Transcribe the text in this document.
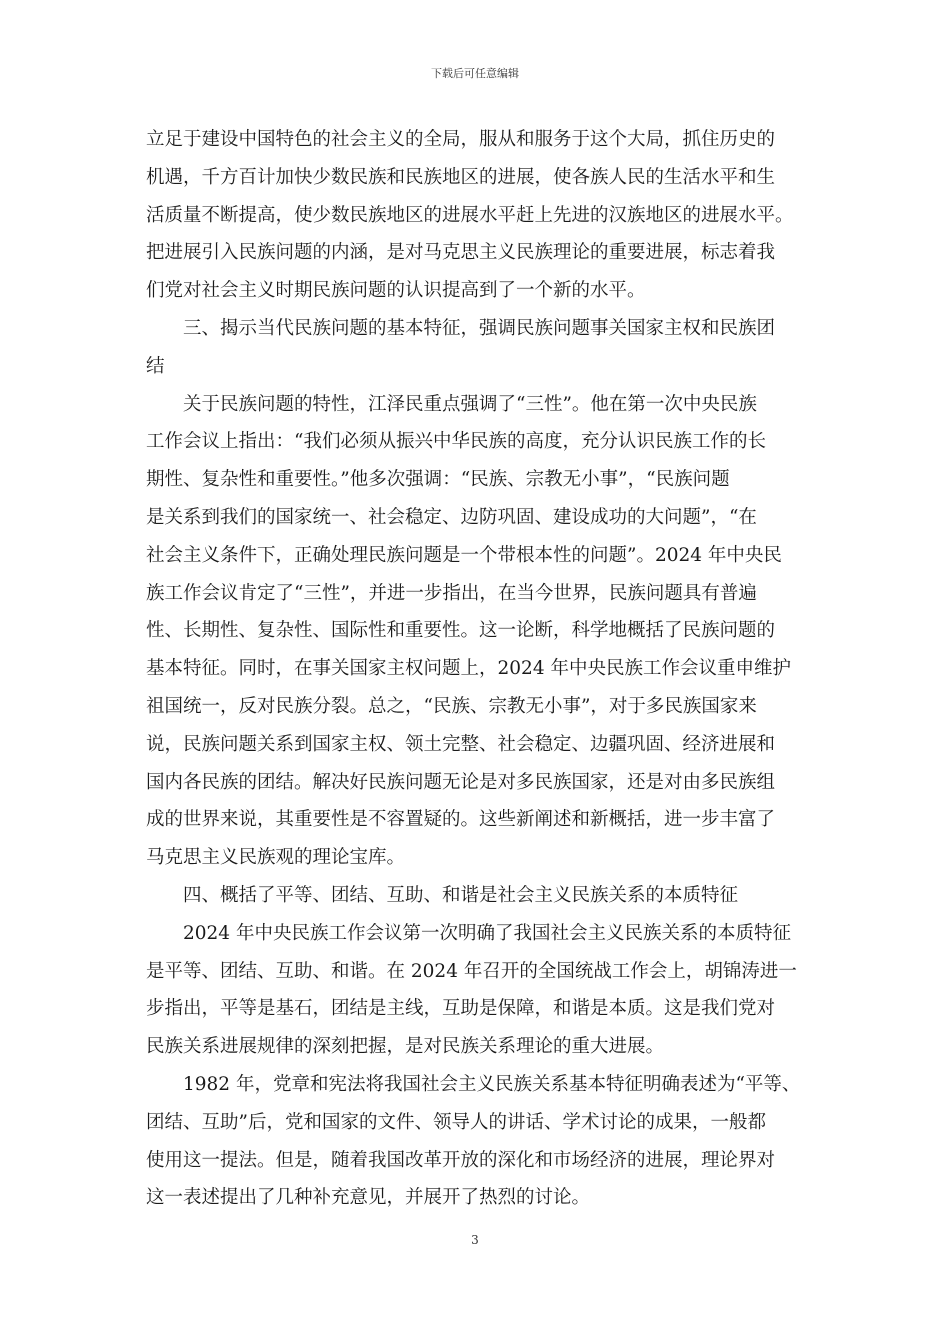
下载后可任意编辑
立足于建设中国特色的社会主义的全局，服从和服务于这个大局，抓住历史的
机遇，千方百计加快少数民族和民族地区的进展，使各族人民的生活水平和生
活质量不断提高，使少数民族地区的进展水平赶上先进的汉族地区的进展水平。
把进展引入民族问题的内涵，是对马克思主义民族理论的重要进展，标志着我
们党对社会主义时期民族问题的认识提高到了一个新的水平。
三、揭示当代民族问题的基本特征，强调民族问题事关国家主权和民族团
结
关于民族问题的特性，江泽民重点强调了“三性”。他在第一次中央民族
工作会议上指出：“我们必须从振兴中华民族的高度，充分认识民族工作的长
期性、复杂性和重要性。”他多次强调：“民族、宗教无小事”，“民族问题
是关系到我们的国家统一、社会稳定、边防巩固、建设成功的大问题”，“在
社会主义条件下，正确处理民族问题是一个带根本性的问题”。2024 年中央民
族工作会议肯定了“三性”，并进一步指出，在当今世界，民族问题具有普遍
性、长期性、复杂性、国际性和重要性。这一论断，科学地概括了民族问题的
基本特征。同时，在事关国家主权问题上，2024 年中央民族工作会议重申维护
祖国统一，反对民族分裂。总之，“民族、宗教无小事”，对于多民族国家来
说，民族问题关系到国家主权、领土完整、社会稳定、边疆巩固、经济进展和
国内各民族的团结。解决好民族问题无论是对多民族国家，还是对由多民族组
成的世界来说，其重要性是不容置疑的。这些新阐述和新概括，进一步丰富了
马克思主义民族观的理论宝库。
四、概括了平等、团结、互助、和谐是社会主义民族关系的本质特征
2024 年中央民族工作会议第一次明确了我国社会主义民族关系的本质特征
是平等、团结、互助、和谐。在 2024 年召开的全国统战工作会上，胡锦涛进一
步指出，平等是基石，团结是主线，互助是保障，和谐是本质。这是我们党对
民族关系进展规律的深刻把握，是对民族关系理论的重大进展。
1982 年，党章和宪法将我国社会主义民族关系基本特征明确表述为“平等、
团结、互助”后，党和国家的文件、领导人的讲话、学术讨论的成果，一般都
使用这一提法。但是，随着我国改革开放的深化和市场经济的进展，理论界对
这一表述提出了几种补充意见，并展开了热烈的讨论。
3
